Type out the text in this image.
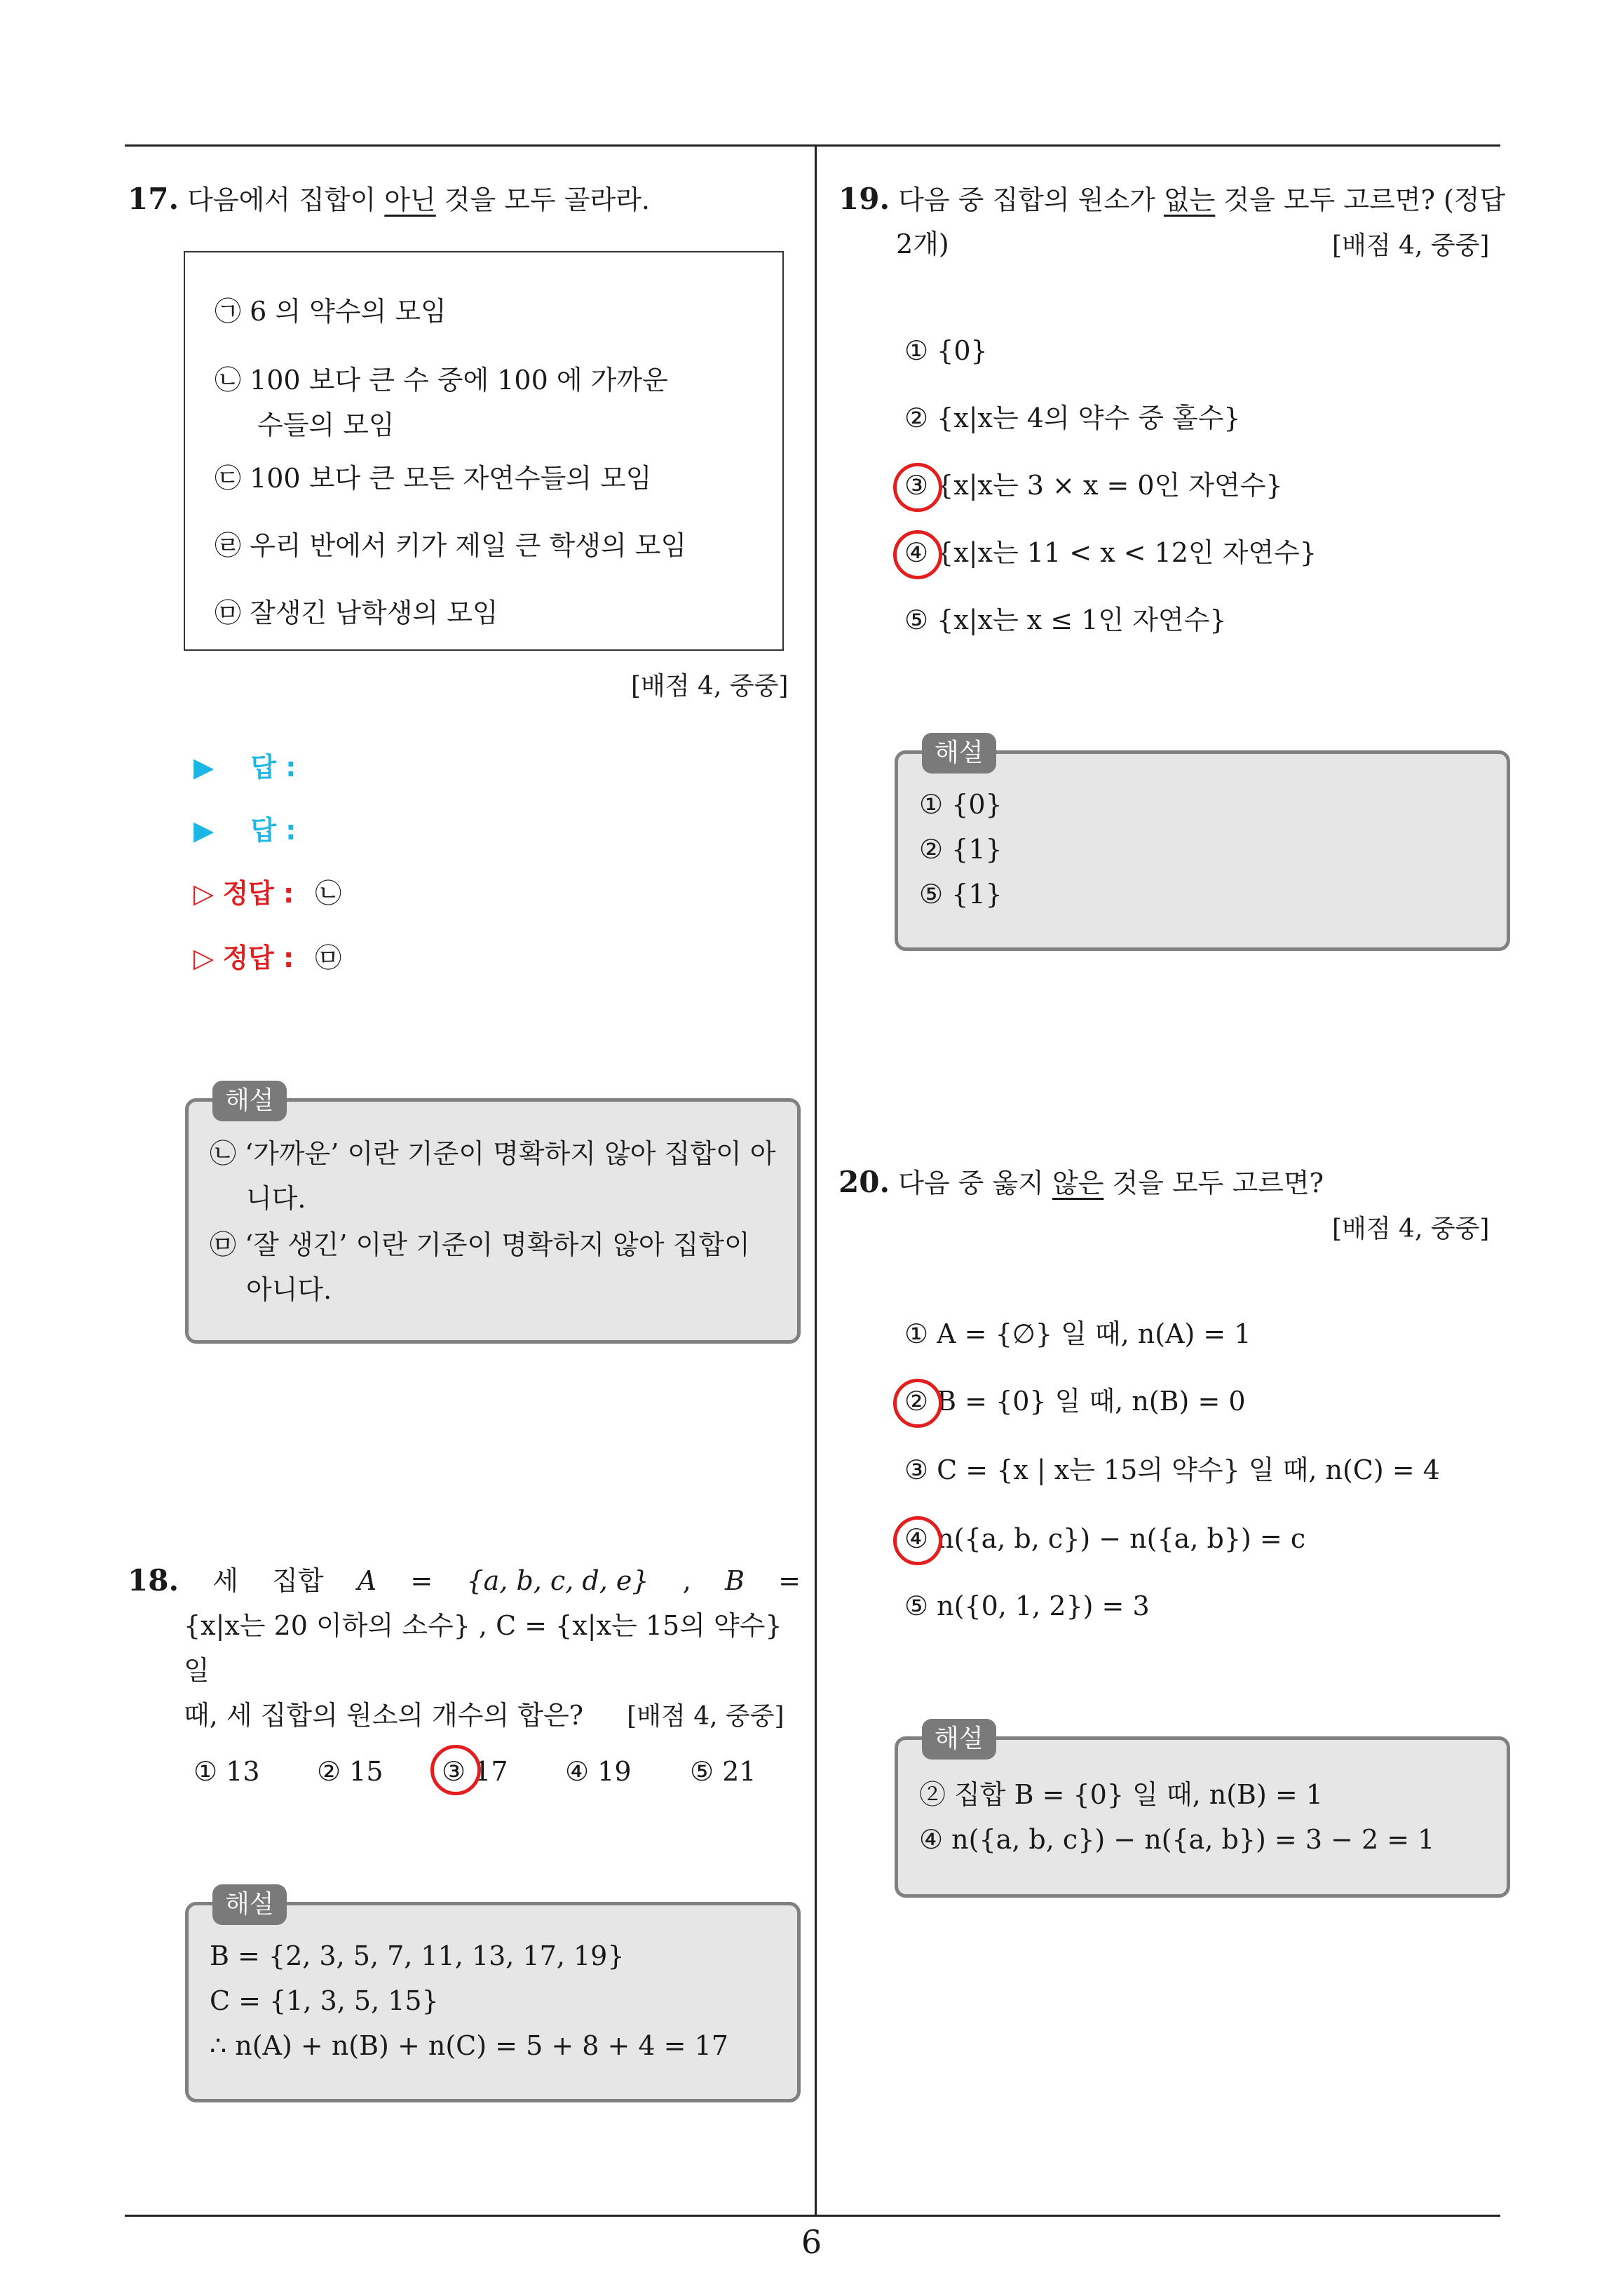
17. 다음에서 집합이 아닌 것을 모두 골라라.
㉠ 6 의 약수의 모임
㉡ 100 보다 큰 수 중에 100 에 가까운
수들의 모임
㉢ 100 보다 큰 모든 자연수들의 모임
㉣ 우리 반에서 키가 제일 큰 학생의 모임
㉤ 잘생긴 남학생의 모임
[배점 4, 중중]
▶ 답 :
▶ 답 :
▷ 정답 : ㉡
▷ 정답 : ㉤
해설
㉡ ‘가까운’ 이란 기준이 명확하지 않아 집합이 아
니다.
㉤ ‘잘 생긴’ 이란 기준이 명확하지 않아 집합이
아니다.
18. 세 집합 A = {a, b, c, d, e} , B =
{x|x는 20 이하의 소수} , C = {x|x는 15의 약수} 일
때, 세 집합의 원소의 개수의 합은? [배점 4, 중중]
① 13 ② 15 ③ 17 ④ 19 ⑤ 21
해설
B = {2, 3, 5, 7, 11, 13, 17, 19}
C = {1, 3, 5, 15}
∴ n(A) + n(B) + n(C) = 5 + 8 + 4 = 17
19. 다음 중 집합의 원소가 없는 것을 모두 고르면? (정답
2개)	[배점 4, 중중]
① {0}
② {x|x는 4의 약수 중 홀수}
③ {x|x는 3 × x = 0인 자연수}
④ {x|x는 11 < x < 12인 자연수}
⑤ {x|x는 x ≤ 1인 자연수}
해설
① {0}
② {1}
⑤ {1}
20. 다음 중 옳지 않은 것을 모두 고르면?
[배점 4, 중중]
① A = {∅} 일 때, n(A) = 1
② B = {0} 일 때, n(B) = 0
③ C = {x | x는 15의 약수} 일 때, n(C) = 4
④ n({a, b, c}) − n({a, b}) = c
⑤ n({0, 1, 2}) = 3
해설
② 집합 B = {0} 일 때, n(B) = 1
④ n({a, b, c}) − n({a, b}) = 3 − 2 = 1
6
